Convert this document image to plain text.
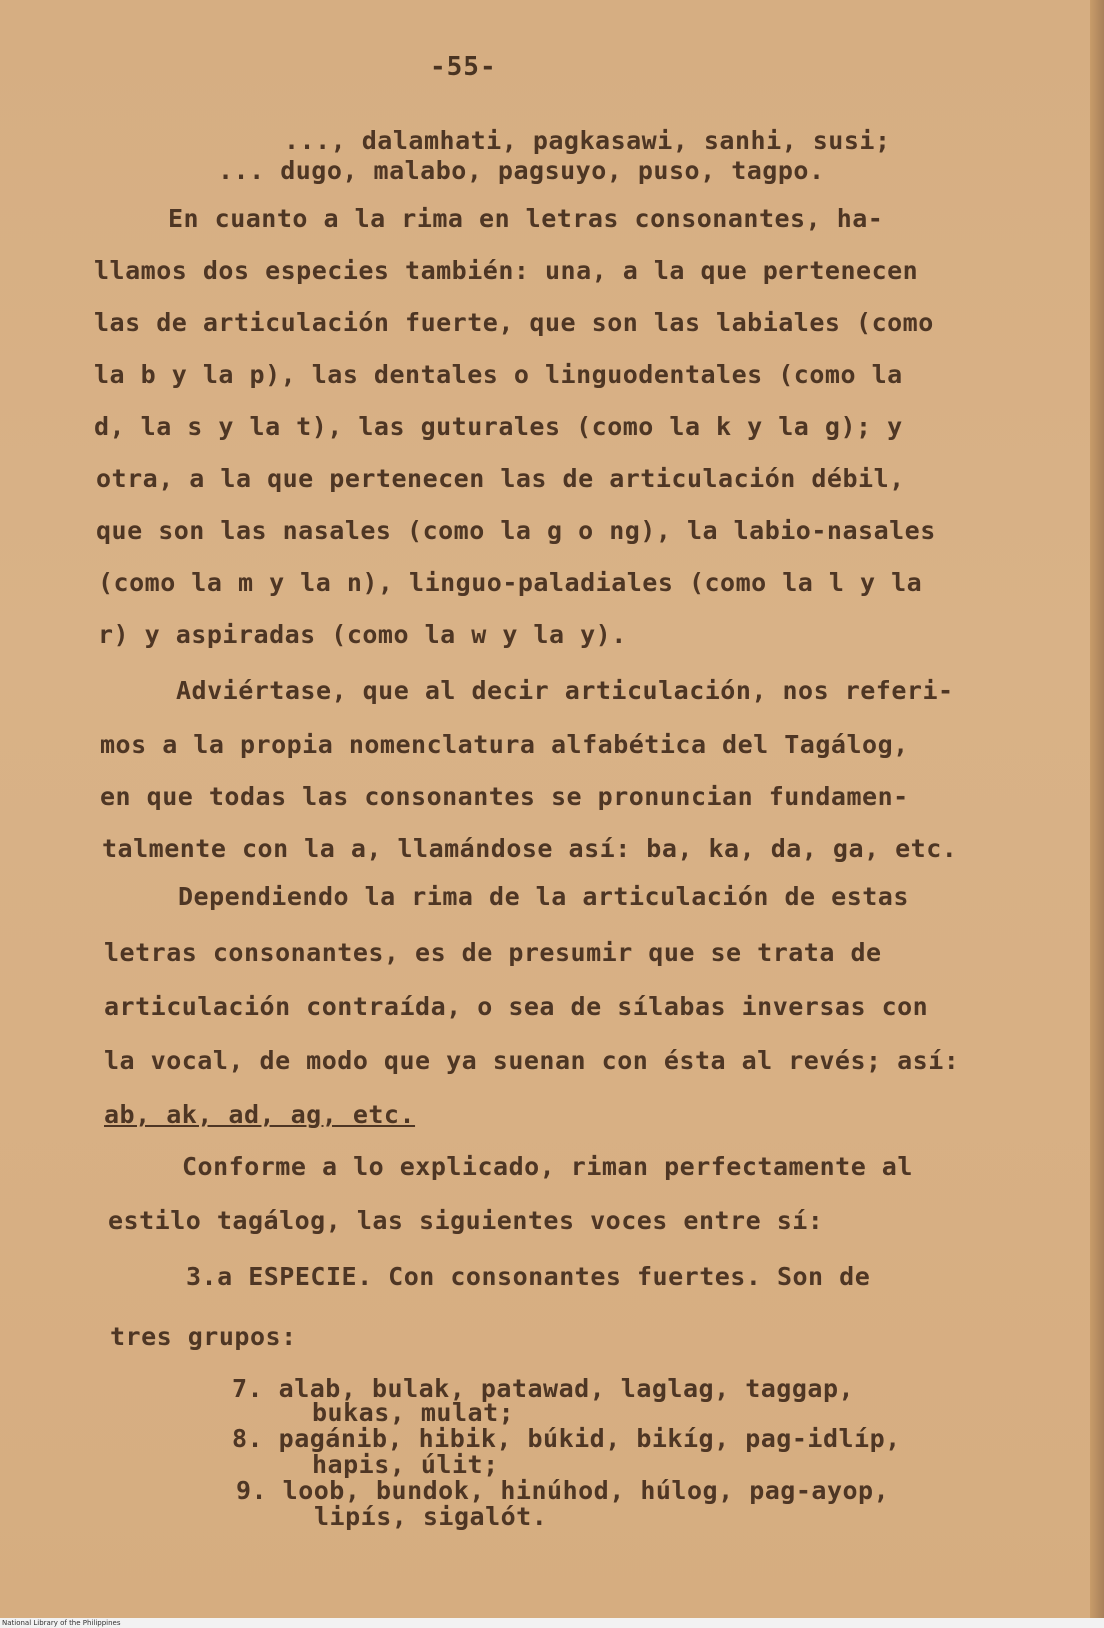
-55-
..., dalamhati, pagkasawi, sanhi, susi;
... dugo, malabo, pagsuyo, puso, tagpo.
En cuanto a la rima en letras consonantes, ha-
llamos dos especies también: una, a la que pertenecen
las de articulación fuerte, que son las labiales (como
la b y la p), las dentales o linguodentales (como la
d, la s y la t), las guturales (como la k y la g); y
otra, a la que pertenecen las de articulación débil,
que son las nasales (como la g o ng), la labio-nasales
(como la m y la n), linguo-paladiales (como la l y la
r) y aspiradas (como la w y la y).
Adviértase, que al decir articulación, nos referi-
mos a la propia nomenclatura alfabética del Tagálog,
en que todas las consonantes se pronuncian fundamen-
talmente con la a, llamándose así: ba, ka, da, ga, etc.
Dependiendo la rima de la articulación de estas
letras consonantes, es de presumir que se trata de
articulación contraída, o sea de sílabas inversas con
la vocal, de modo que ya suenan con ésta al revés; así:
ab, ak, ad, ag, etc.
Conforme a lo explicado, riman perfectamente al
estilo tagálog, las siguientes voces entre sí:
3.a ESPECIE. Con consonantes fuertes. Son de
tres grupos:
7. alab, bulak, patawad, laglag, taggap,
bukas, mulat;
8. pagánib, hibik, búkid, bikíg, pag-idlíp,
hapis, úlit;
9. loob, bundok, hinúhod, húlog, pag-ayop,
lipís, sigalót.
National Library of the Philippines
